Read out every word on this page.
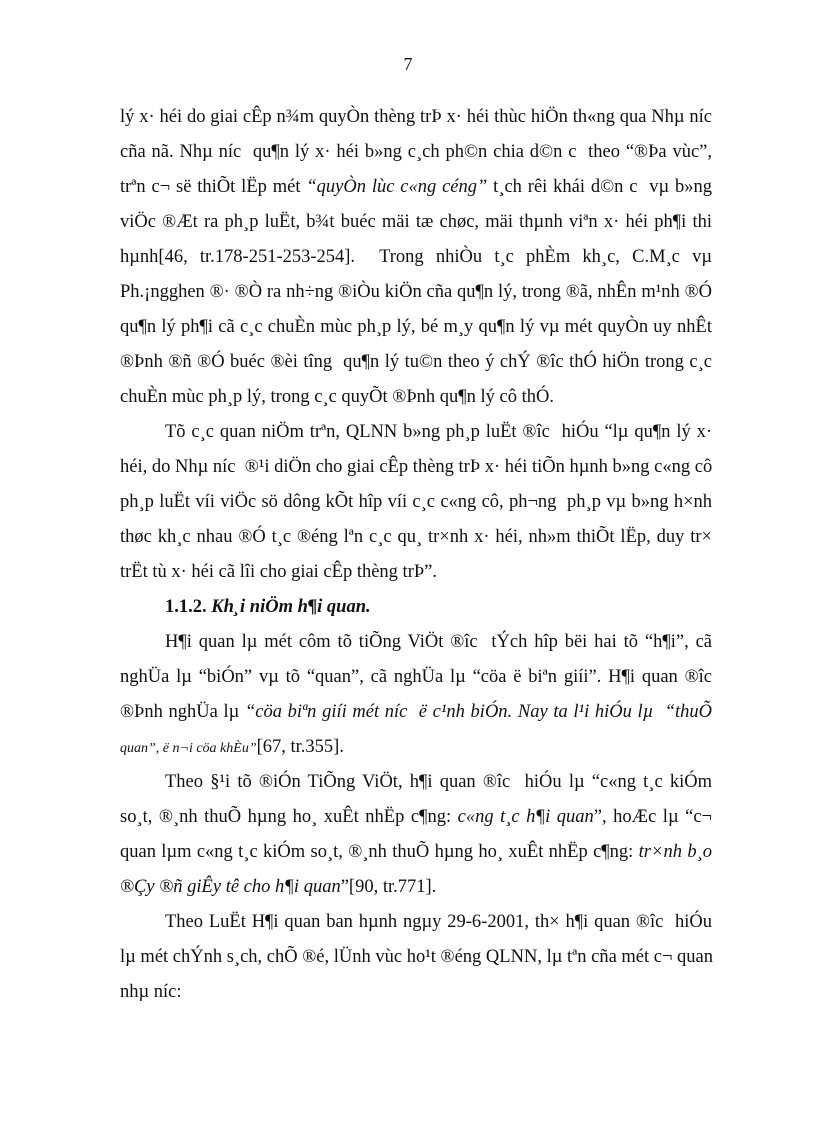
7
lý x· héi do giai cÊp n¾m quyÒn thèng trÞ x· héi thùc hiÖn th«ng qua Nhµ níc
cña nã. Nhµ níc  qu¶n lý x· héi b»ng c¸ch ph©n chia d©n c  theo “®Þa vùc”,
trªn c¬ së thiÕt lËp mét “quyÒn lùc c«ng céng” t¸ch rêi khái d©n c  vµ b»ng
viÖc ®Æt ra ph¸p luËt, b¾t buéc mäi tæ chøc, mäi thµnh viªn x· héi ph¶i thi
hµnh[46, tr.178-251-253-254].  Trong nhiÒu t¸c phÈm kh¸c, C.M¸c vµ
Ph.¡ngghen ®· ®Ò ra nh÷ng ®iÒu kiÖn cña qu¶n lý, trong ®ã, nhÊn m¹nh ®Ó
qu¶n lý ph¶i cã c¸c chuÈn mùc ph¸p lý, bé m¸y qu¶n lý vµ mét quyÒn uy nhÊt
®Þnh ®ñ ®Ó buéc ®èi tîng  qu¶n lý tu©n theo ý chÝ ®îc thÓ hiÖn trong c¸c
chuÈn mùc ph¸p lý, trong c¸c quyÕt ®Þnh qu¶n lý cô thÓ.
Tõ c¸c quan niÖm trªn, QLNN b»ng ph¸p luËt ®îc  hiÓu “lµ qu¶n lý x·
héi, do Nhµ níc  ®¹i diÖn cho giai cÊp thèng trÞ x· héi tiÕn hµnh b»ng c«ng cô
ph¸p luËt víi viÖc sö dông kÕt hîp víi c¸c c«ng cô, ph¬ng  ph¸p vµ b»ng h×nh
thøc kh¸c nhau ®Ó t¸c ®éng lªn c¸c qu¸ tr×nh x· héi, nh»m thiÕt lËp, duy tr×
trËt tù x· héi cã lîi cho giai cÊp thèng trÞ”.
1.1.2. Kh¸i niÖm h¶i quan.
H¶i quan lµ mét côm tõ tiÕng ViÖt ®îc  tÝch hîp bëi hai tõ “h¶i”, cã
nghÜa lµ “biÓn” vµ tõ “quan”, cã nghÜa lµ “cöa ë biªn giíi”. H¶i quan ®îc
®Þnh nghÜa lµ “cöa biªn giíi mét níc  ë c¹nh biÓn. Nay ta l¹i hiÓu lµ  “thuÕ
quan”, ë n¬i cöa khÈu”[67, tr.355].
Theo §¹i tõ ®iÓn TiÕng ViÖt, h¶i quan ®îc  hiÓu lµ “c«ng t¸c kiÓm
so¸t, ®¸nh thuÕ hµng ho¸ xuÊt nhËp c¶ng: c«ng t¸c h¶i quan”, hoÆc lµ “c¬
quan lµm c«ng t¸c kiÓm so¸t, ®¸nh thuÕ hµng ho¸ xuÊt nhËp c¶ng: tr×nh b¸o
®Çy ®ñ giÊy tê cho h¶i quan”[90, tr.771].
Theo LuËt H¶i quan ban hµnh ngµy 29-6-2001, th× h¶i quan ®îc  hiÓu
lµ mét chÝnh s¸ch, chÕ ®é, lÜnh vùc ho¹t ®éng QLNN, lµ tªn cña mét c¬ quan
nhµ níc:
